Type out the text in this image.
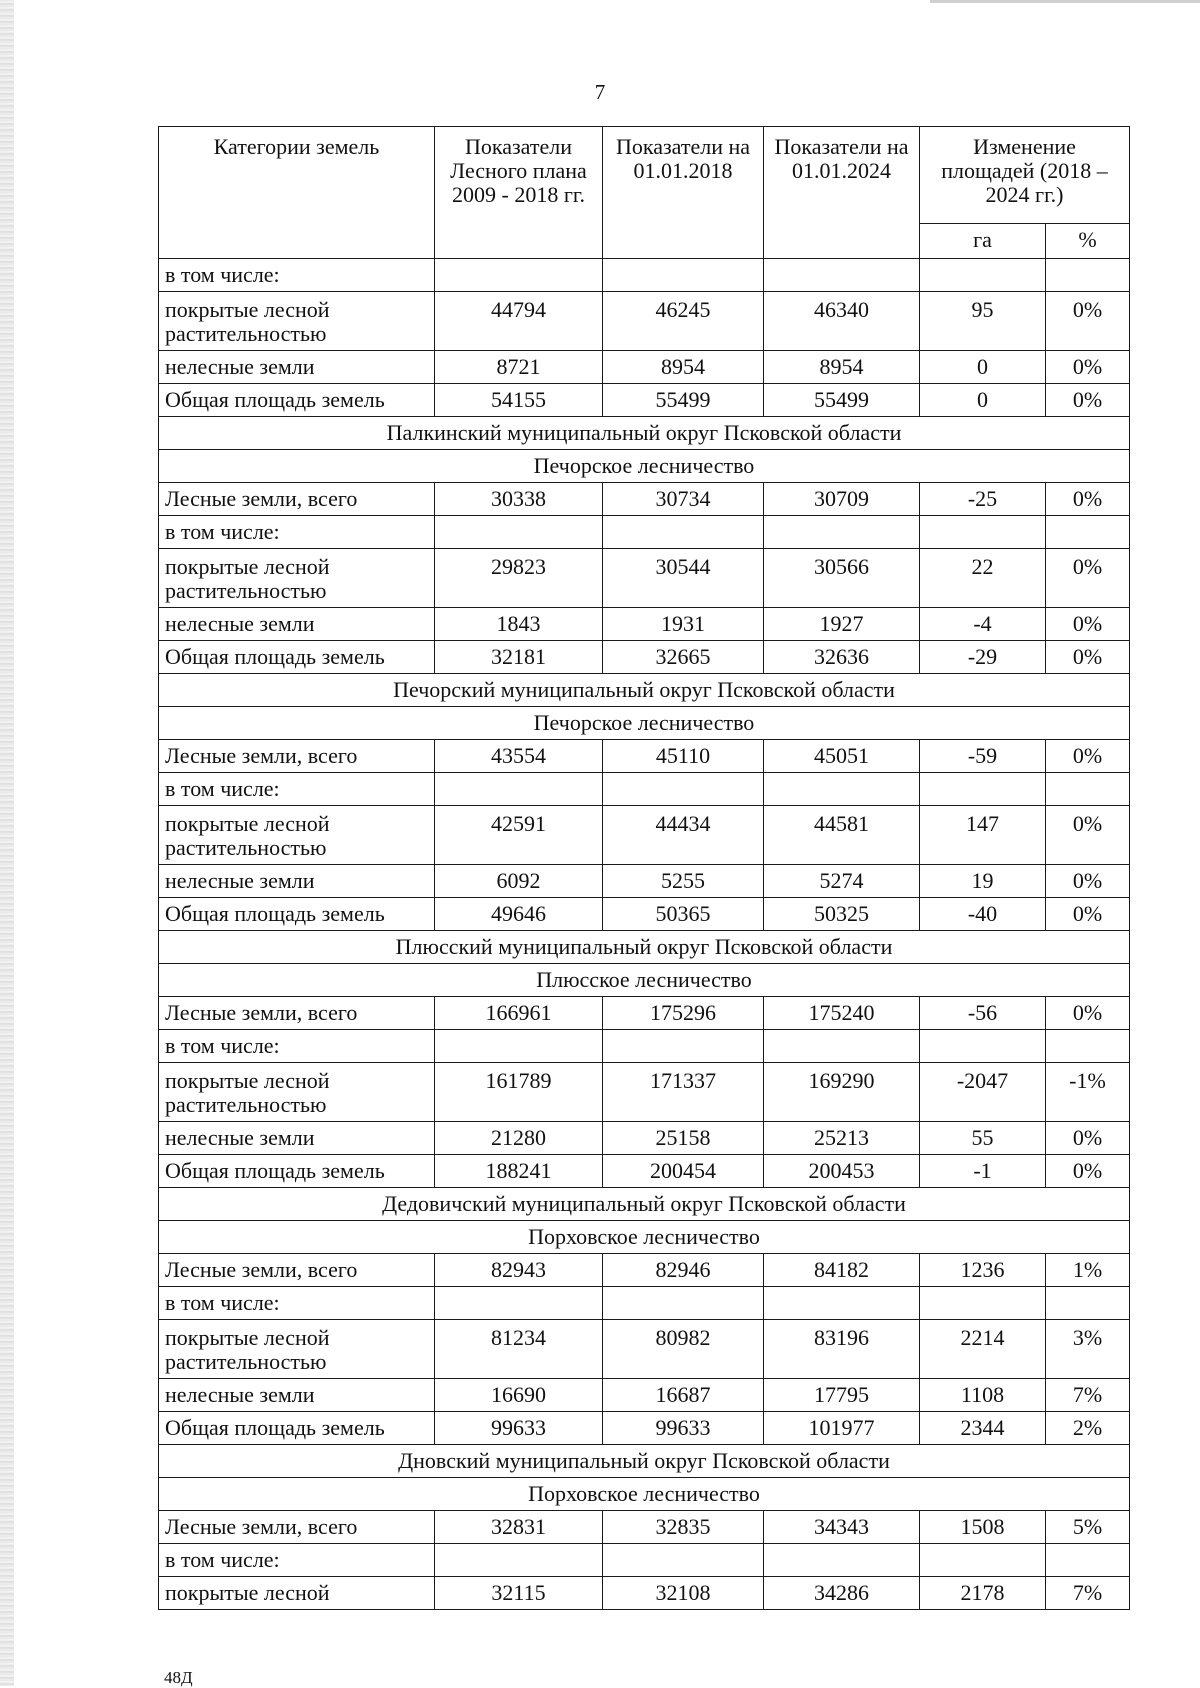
7
Категории земель	Показатели Лесного плана 2009 - 2018 гг.	Показатели на 01.01.2018	Показатели на 01.01.2024	Изменение площадей (2018 – 2024 гг.)	
				га	%
в том числе:					
покрытые лесной растительностью	44794	46245	46340	95	0%
нелесные земли	8721	8954	8954	0	0%
Общая площадь земель	54155	55499	55499	0	0%
Палкинский муниципальный округ Псковской области					
Печорское лесничество					
Лесные земли, всего	30338	30734	30709	-25	0%
в том числе:					
покрытые лесной растительностью	29823	30544	30566	22	0%
нелесные земли	1843	1931	1927	-4	0%
Общая площадь земель	32181	32665	32636	-29	0%
Печорский муниципальный округ Псковской области					
Печорское лесничество					
Лесные земли, всего	43554	45110	45051	-59	0%
в том числе:					
покрытые лесной растительностью	42591	44434	44581	147	0%
нелесные земли	6092	5255	5274	19	0%
Общая площадь земель	49646	50365	50325	-40	0%
Плюсский муниципальный округ Псковской области					
Плюсское лесничество					
Лесные земли, всего	166961	175296	175240	-56	0%
в том числе:					
покрытые лесной растительностью	161789	171337	169290	-2047	-1%
нелесные земли	21280	25158	25213	55	0%
Общая площадь земель	188241	200454	200453	-1	0%
Дедовичский муниципальный округ Псковской области					
Порховское лесничество					
Лесные земли, всего	82943	82946	84182	1236	1%
в том числе:					
покрытые лесной растительностью	81234	80982	83196	2214	3%
нелесные земли	16690	16687	17795	1108	7%
Общая площадь земель	99633	99633	101977	2344	2%
Дновский муниципальный округ Псковской области					
Порховское лесничество					
Лесные земли, всего	32831	32835	34343	1508	5%
в том числе:					
покрытые лесной	32115	32108	34286	2178	7%
48Д
